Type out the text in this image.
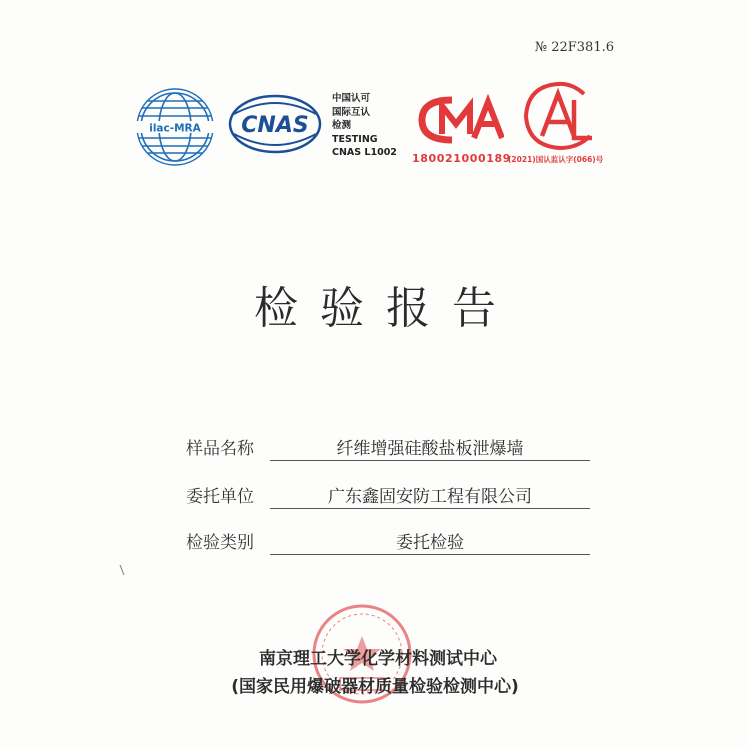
№ 22F381.6
ilac-MRA CNAS
中国认可
国际互认
检测
TESTING
CNAS L1002 180021000189
(2021)国认监认字(066)号
检验报告
样品名称	纤维增强硅酸盐板泄爆墙
委托单位	广东鑫固安防工程有限公司
检验类别	委托检验
南京理工大学化学材料测试中心
(国家民用爆破器材质量检验检测中心)
